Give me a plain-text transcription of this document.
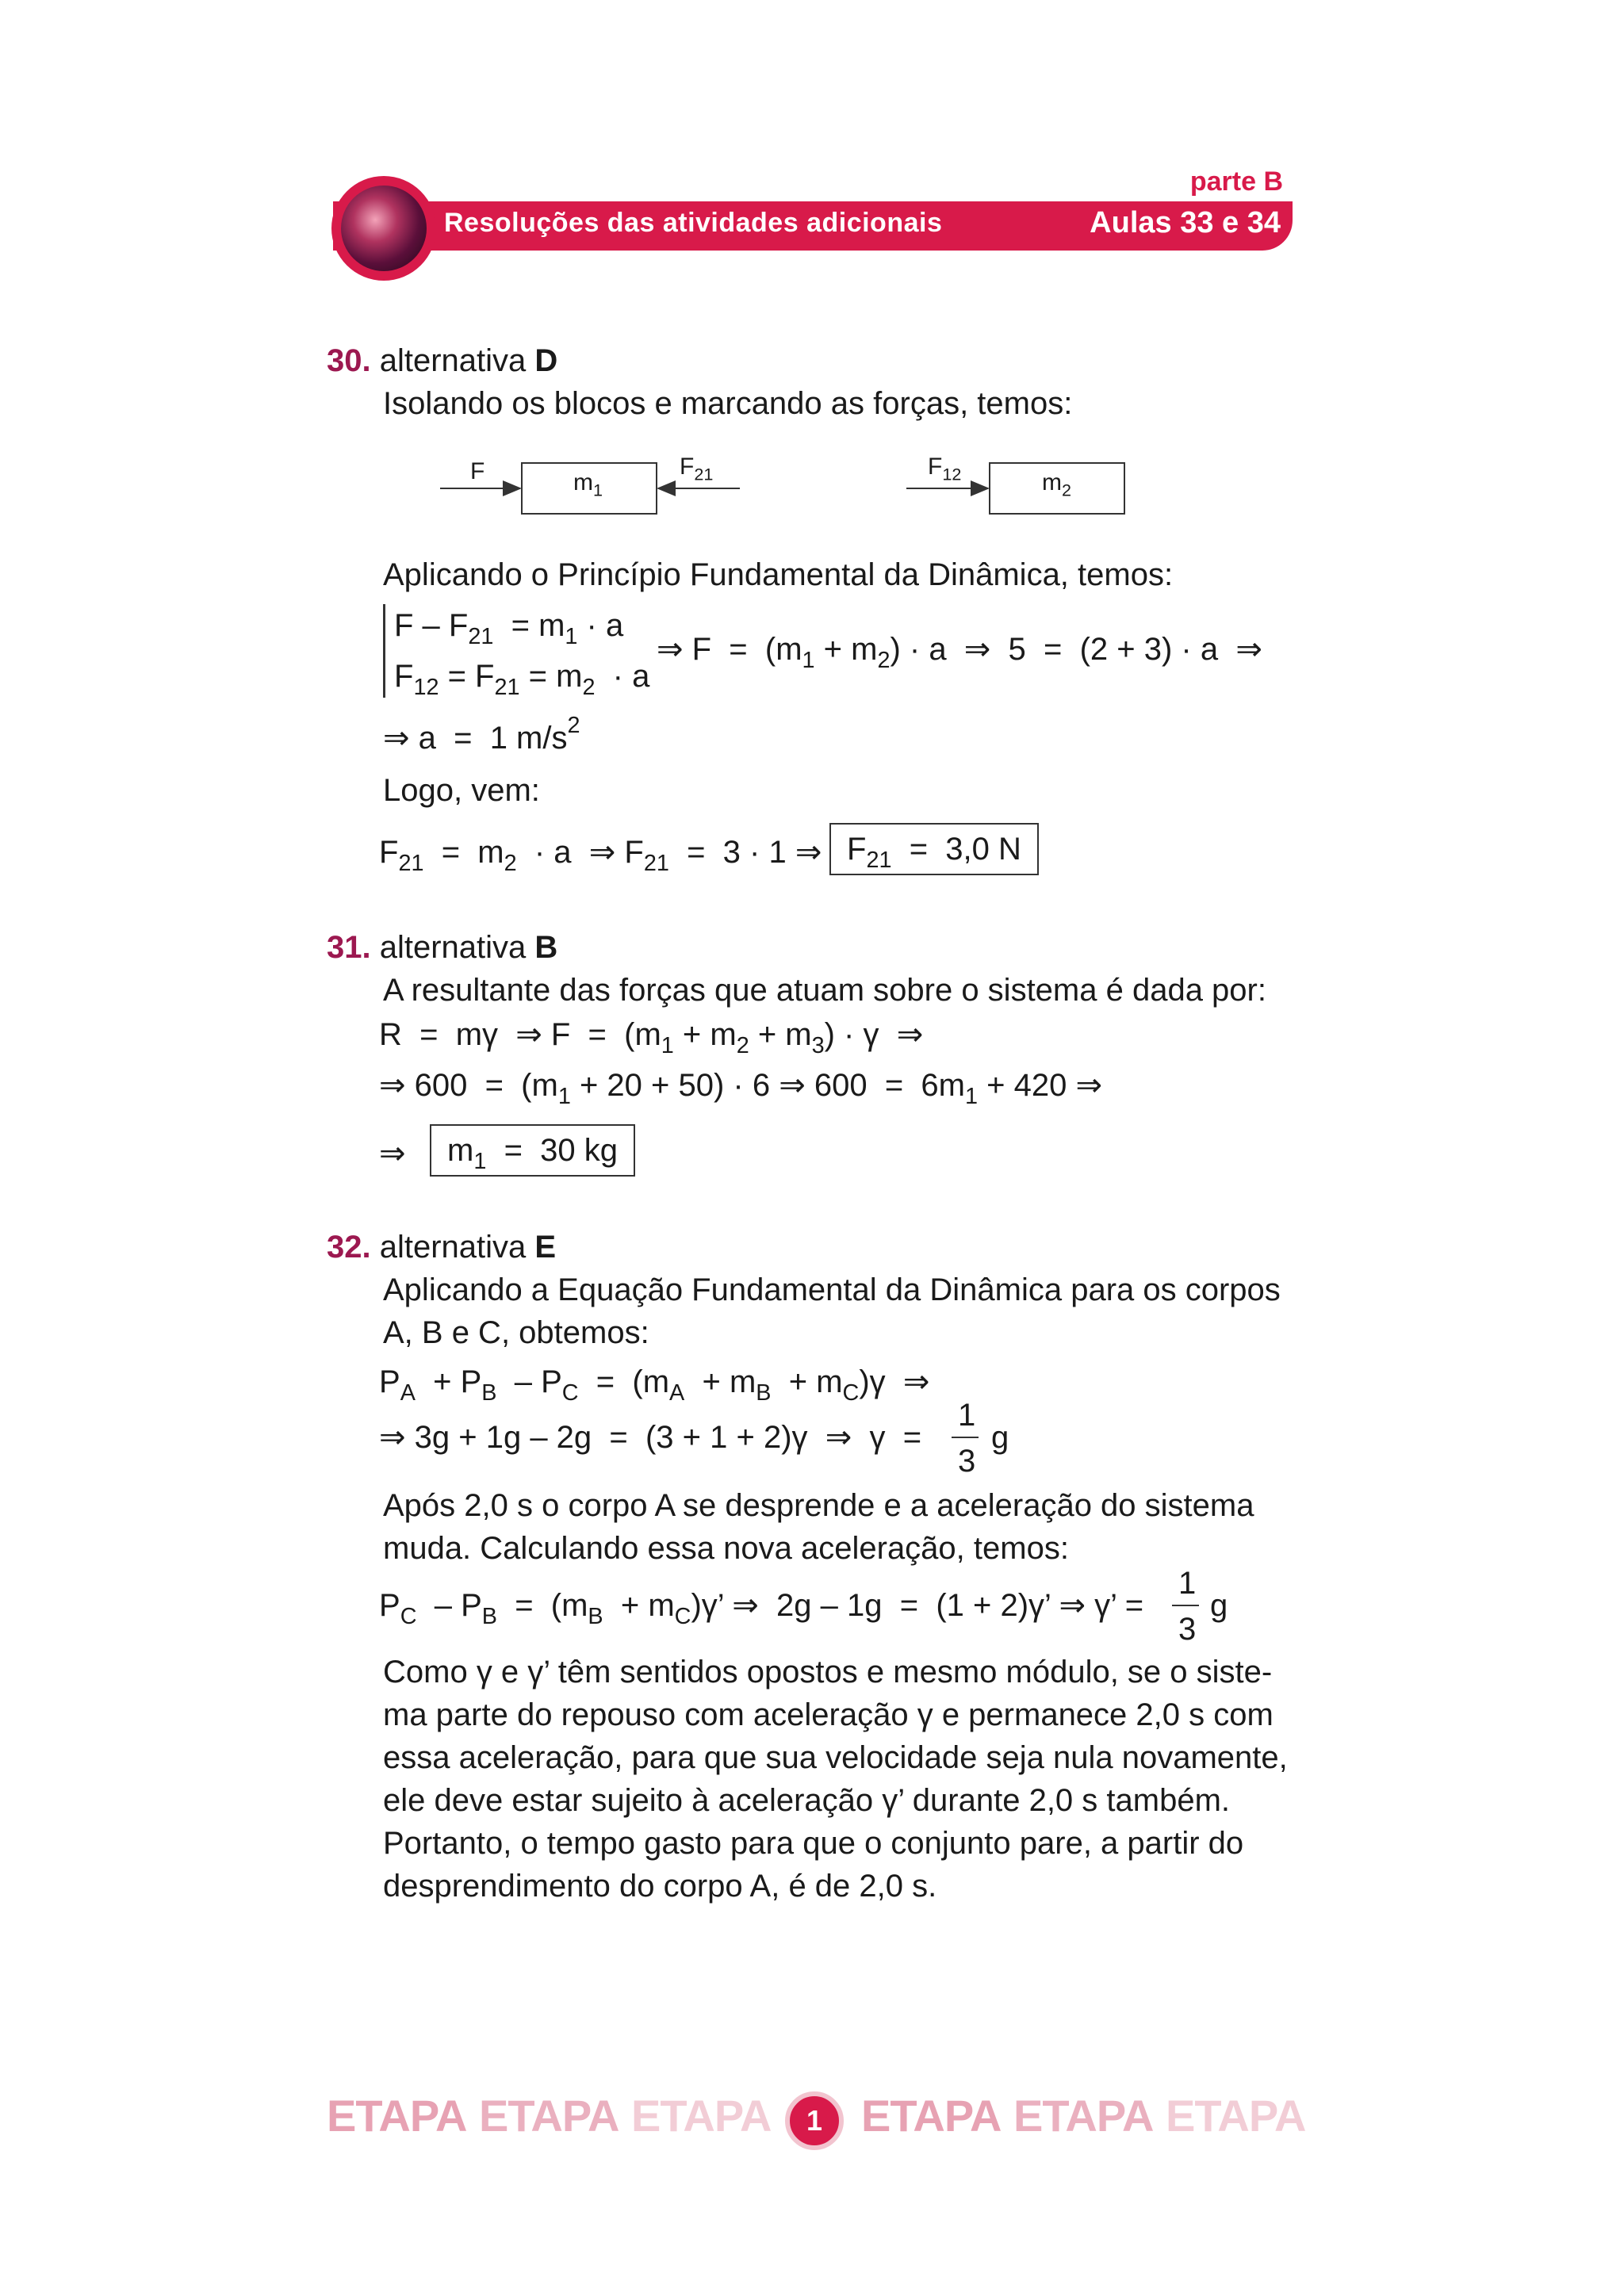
parte B
Resoluções das atividades adicionais	Aulas 33 e 34
30. alternativa D
Isolando os blocos e marcando as forças, temos:
F	$m_1$
$F_{21}$	$F_{12}$	$m_2$
Aplicando o Princípio Fundamental da Dinâmica, temos:
$F - F_{21} = m_1 \cdot a$
$F_{12} = F_{21} = m_2 \cdot a$
⇒ $F = (m_1 + m_2) \cdot a$  ⇒  5  =  (2 + 3) · a  ⇒
⇒ a  =  1 $m/s^2$
Logo, vem:
$F_{21} = m_2 \cdot a$  ⇒ $F_{21} = 3 \cdot 1$ ⇒ $F_{21} = 3,0$ N
31. alternativa B
A resultante das forças que atuam sobre o sistema é dada por:
R  =  mγ  ⇒ $F = (m_1 + m_2 + m_3) \cdot \gamma$  ⇒
⇒ $600 = (m_1 + 20 + 50) \cdot 6$ ⇒ $600 = 6m_1 + 420$ ⇒
⇒	$m_1 = 30$ kg
32. alternativa E
Aplicando a Equação Fundamental da Dinâmica para os corpos
A, B e C, obtemos:
$P_A + P_B - P_C = (m_A + m_B + m_C)\gamma$  ⇒
⇒ 3g + 1g – 2g  =  (3 + 1 + 2)γ  ⇒  γ  =
1
3
g
Após 2,0 s o corpo A se desprende e a aceleração do sistema
muda. Calculando essa nova aceleração, temos:
$P_C - P_B = (m_B + m_C)\gamma$’ ⇒  2g – 1g  =  (1 + 2)γ’ ⇒ γ’ =
1
3
g
Como γ e γ’ têm sentidos opostos e mesmo módulo, se o siste-
ma parte do repouso com aceleração γ e permanece 2,0 s com
essa aceleração, para que sua velocidade seja nula novamente,
ele deve estar sujeito à aceleração γ’ durante 2,0 s também.
Portanto, o tempo gasto para que o conjunto pare, a partir do
desprendimento do corpo A, é de 2,0 s.
ETAPA ETAPA ETAPA	1 ETAPA ETAPA ETAPA
